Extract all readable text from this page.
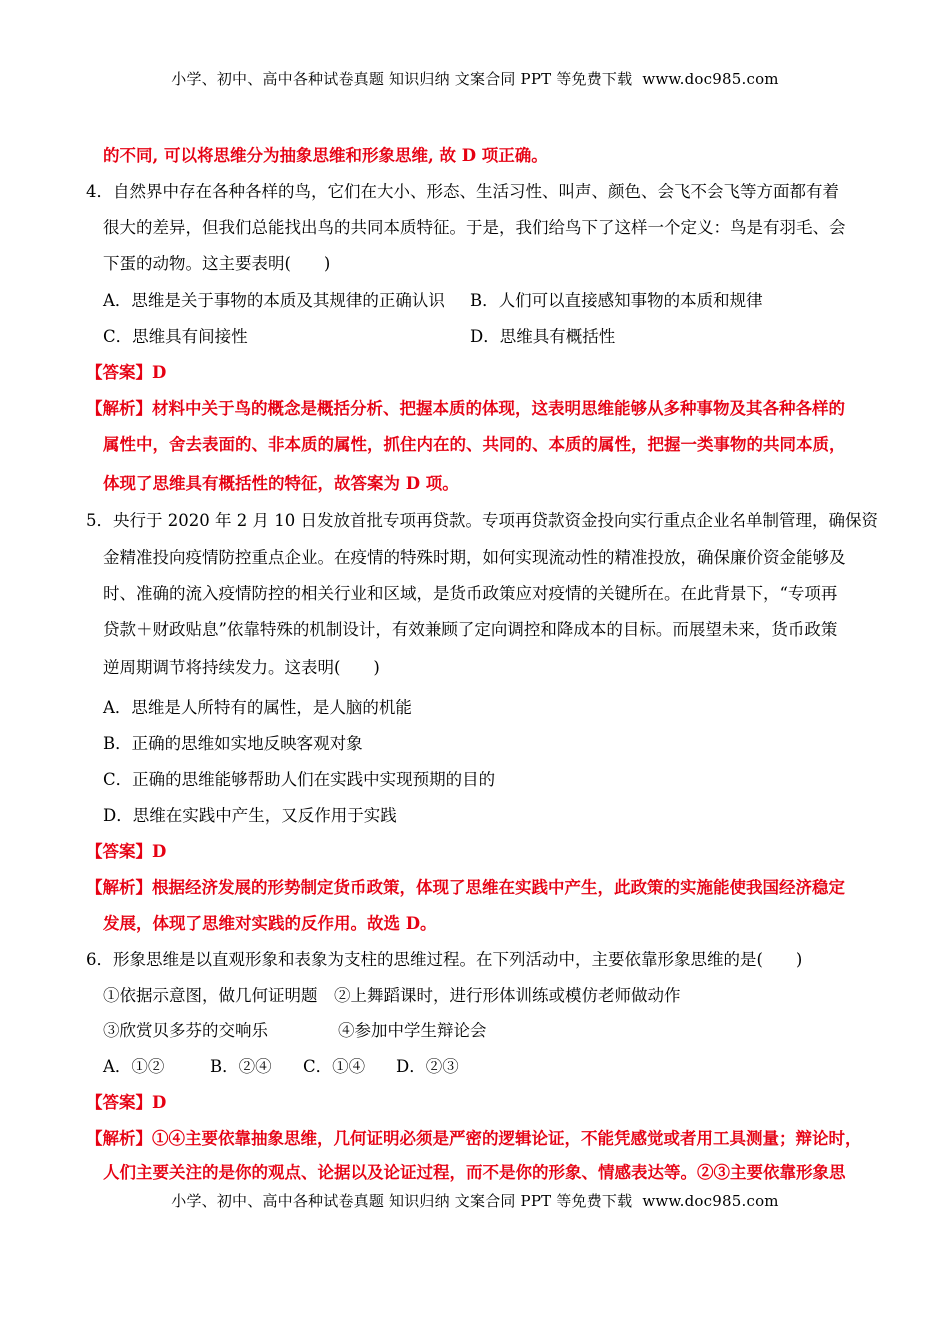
小学、初中、高中各种试卷真题 知识归纳 文案合同 PPT 等免费下载 www.doc985.com
的不同, 可以将思维分为抽象思维和形象思维, 故 D 项正确。
4．自然界中存在各种各样的鸟，它们在大小、形态、生活习性、叫声、颜色、会飞不会飞等方面都有着
很大的差异，但我们总能找出鸟的共同本质特征。于是，我们给鸟下了这样一个定义：鸟是有羽毛、会
下蛋的动物。这主要表明(　　)
A．思维是关于事物的本质及其规律的正确认识 B．人们可以直接感知事物的本质和规律
C．思维具有间接性	D．思维具有概括性
【答案】D
【解析】材料中关于鸟的概念是概括分析、把握本质的体现，这表明思维能够从多种事物及其各种各样的
属性中，舍去表面的、非本质的属性，抓住内在的、共同的、本质的属性，把握一类事物的共同本质，
体现了思维具有概括性的特征，故答案为 D 项。
5．央行于 2020 年 2 月 10 日发放首批专项再贷款。专项再贷款资金投向实行重点企业名单制管理，确保资
金精准投向疫情防控重点企业。在疫情的特殊时期，如何实现流动性的精准投放，确保廉价资金能够及
时、准确的流入疫情防控的相关行业和区域，是货币政策应对疫情的关键所在。在此背景下，“专项再
贷款＋财政贴息”依靠特殊的机制设计，有效兼顾了定向调控和降成本的目标。而展望未来，货币政策
逆周期调节将持续发力。这表明(　　)
A．思维是人所特有的属性，是人脑的机能
B．正确的思维如实地反映客观对象
C．正确的思维能够帮助人们在实践中实现预期的目的
D．思维在实践中产生，又反作用于实践
【答案】D
【解析】根据经济发展的形势制定货币政策，体现了思维在实践中产生，此政策的实施能使我国经济稳定
发展，体现了思维对实践的反作用。故选 D。
6．形象思维是以直观形象和表象为支柱的思维过程。在下列活动中，主要依靠形象思维的是(　　)
①依据示意图，做几何证明题　②上舞蹈课时，进行形体训练或模仿老师做动作
③欣赏贝多芬的交响乐	④参加中学生辩论会
A．①②	B．②④ C．①④ D．②③
【答案】D
【解析】①④主要依靠抽象思维，几何证明必须是严密的逻辑论证，不能凭感觉或者用工具测量；辩论时，
人们主要关注的是你的观点、论据以及论证过程，而不是你的形象、情感表达等。②③主要依靠形象思
小学、初中、高中各种试卷真题 知识归纳 文案合同 PPT 等免费下载 www.doc985.com
